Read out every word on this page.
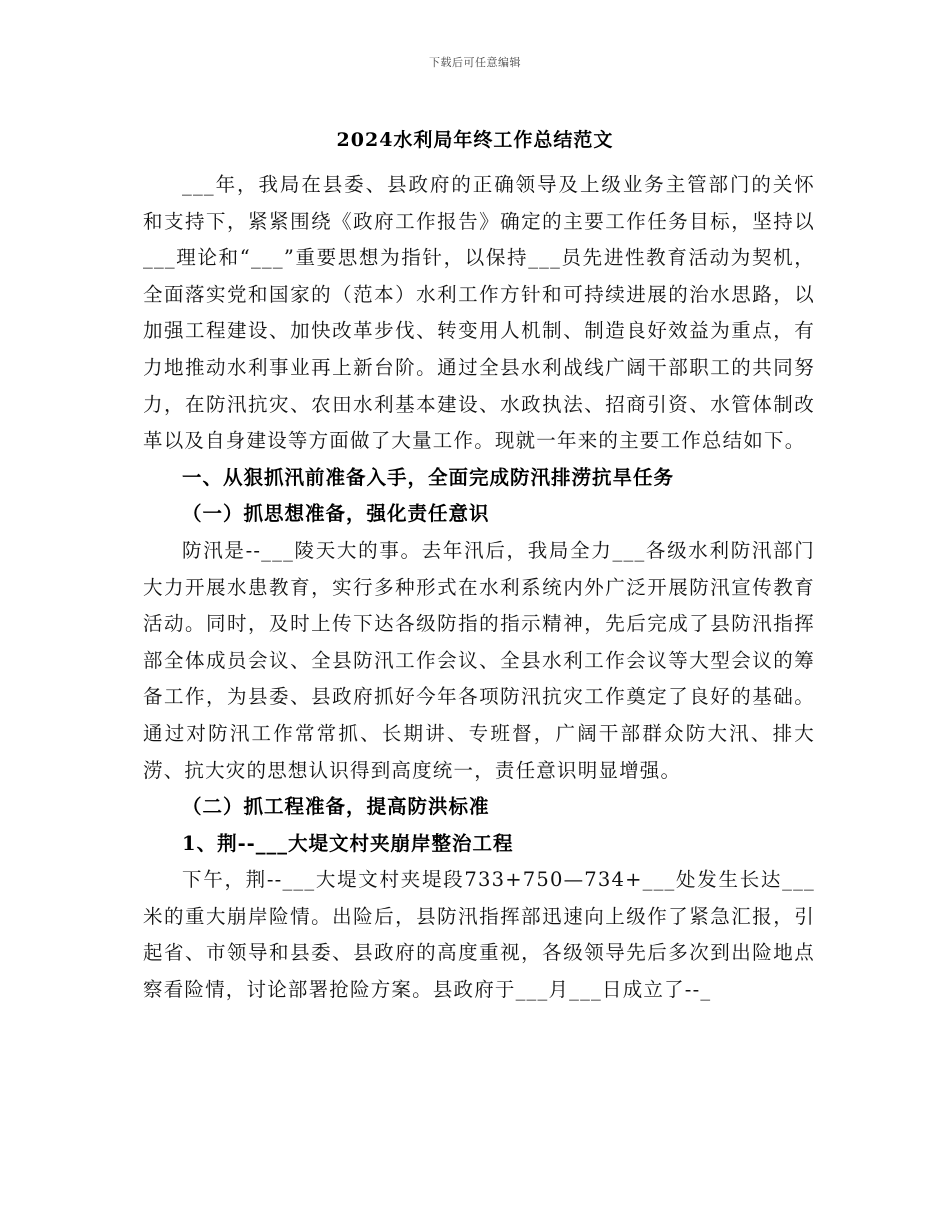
下载后可任意编辑
2024水利局年终工作总结范文

___年，我局在县委、县政府的正确领导及上级业务主管部门的关怀和支持下，紧紧围绕《政府工作报告》确定的主要工作任务目标，坚持以___理论和“___”重要思想为指针，以保持___员先进性教育活动为契机，全面落实党和国家的（范本）水利工作方针和可持续进展的治水思路，以加强工程建设、加快改革步伐、转变用人机制、制造良好效益为重点，有力地推动水利事业再上新台阶。通过全县水利战线广阔干部职工的共同努力，在防汛抗灾、农田水利基本建设、水政执法、招商引资、水管体制改革以及自身建设等方面做了大量工作。现就一年来的主要工作总结如下。

一、从狠抓汛前准备入手，全面完成防汛排涝抗旱任务

（一）抓思想准备，强化责任意识

防汛是--___陵天大的事。去年汛后，我局全力___各级水利防汛部门大力开展水患教育，实行多种形式在水利系统内外广泛开展防汛宣传教育活动。同时，及时上传下达各级防指的指示精神，先后完成了县防汛指挥部全体成员会议、全县防汛工作会议、全县水利工作会议等大型会议的筹备工作，为县委、县政府抓好今年各项防汛抗灾工作奠定了良好的基础。通过对防汛工作常常抓、长期讲、专班督，广阔干部群众防大汛、排大涝、抗大灾的思想认识得到高度统一，责任意识明显增强。

（二）抓工程准备，提高防洪标准

1、荆--___大堤文村夹崩岸整治工程

下午，荆--___大堤文村夹堤段733+750—734+___处发生长达___米的重大崩岸险情。出险后，县防汛指挥部迅速向上级作了紧急汇报，引起省、市领导和县委、县政府的高度重视，各级领导先后多次到出险地点察看险情，讨论部署抢险方案。县政府于___月___日成立了--_
